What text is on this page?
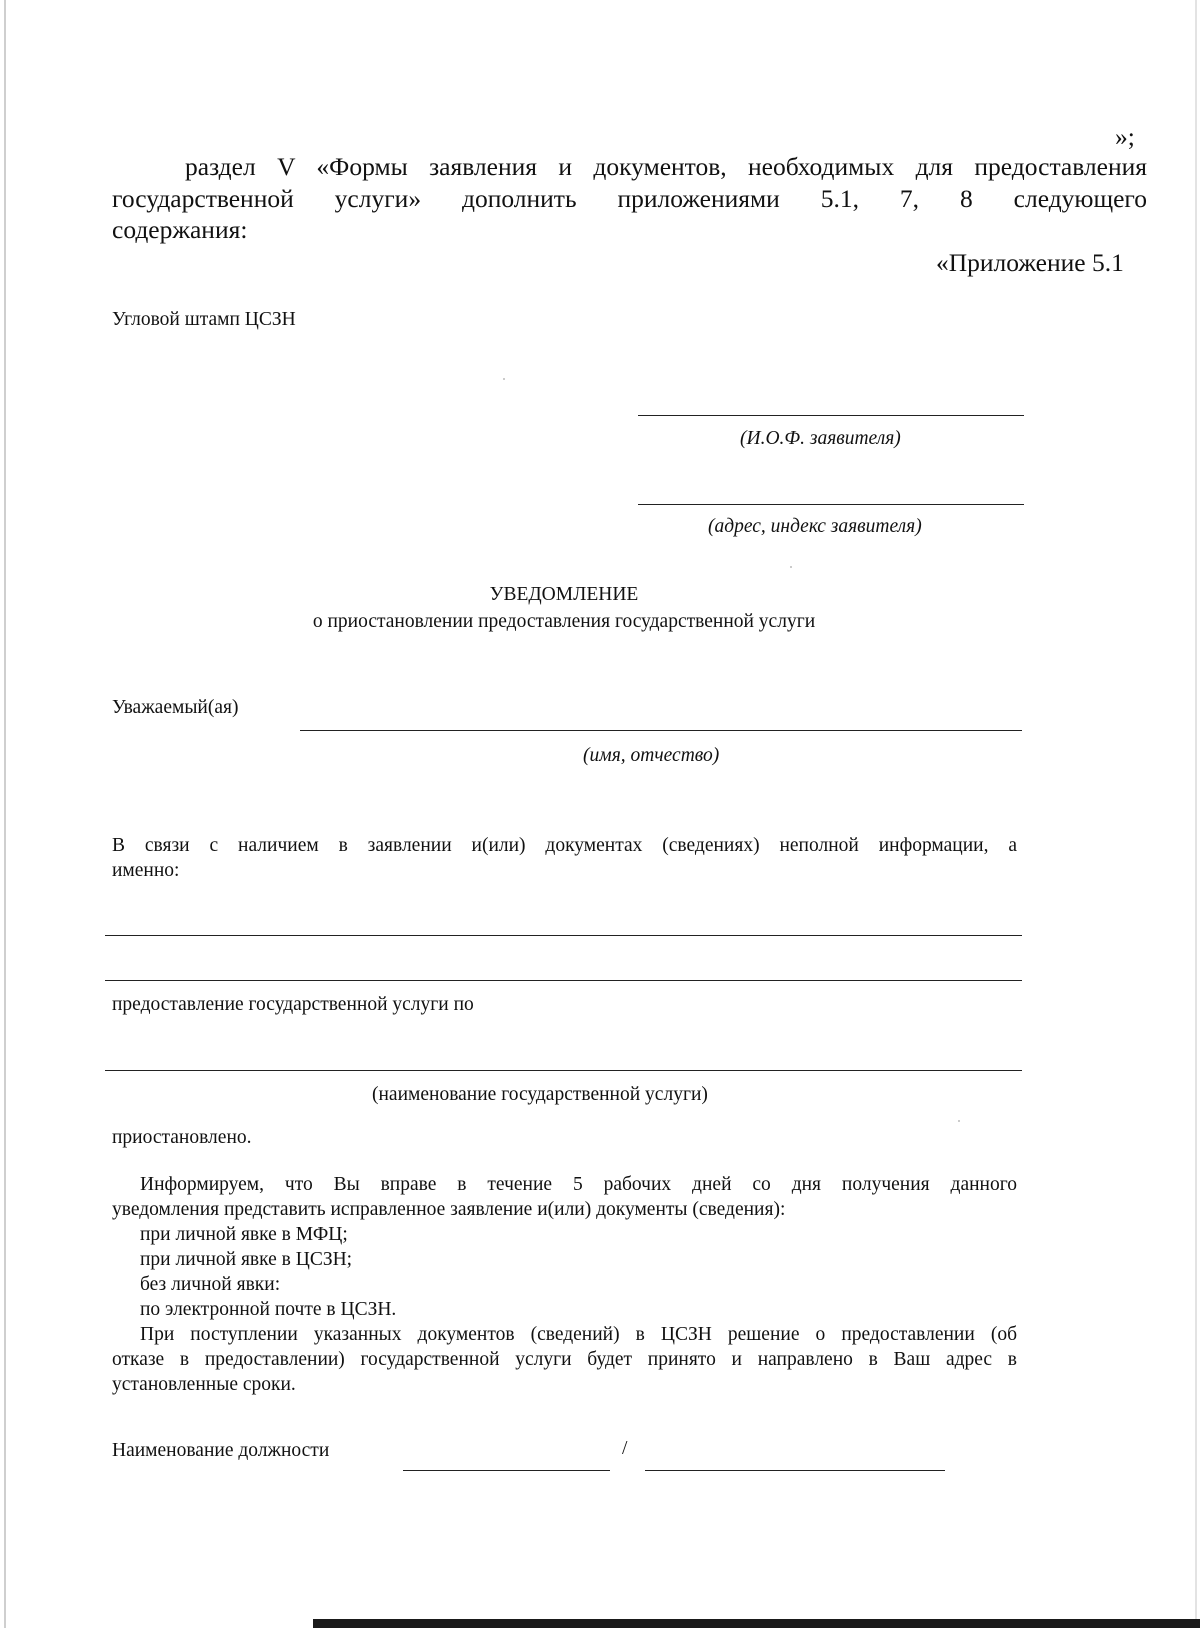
»;
раздел V «Формы заявления и документов, необходимых для предоставления
государственной услуги» дополнить приложениями 5.1, 7, 8 следующего
содержания:
«Приложение 5.1
Угловой штамп ЦСЗН
(И.О.Ф. заявителя)
(адрес, индекс заявителя)
УВЕДОМЛЕНИЕ
о приостановлении предоставления государственной услуги
Уважаемый(ая)
(имя, отчество)
В связи с наличием в заявлении и(или) документах (сведениях) неполной информации, а
именно:
предоставление государственной услуги по
(наименование государственной услуги)
приостановлено.
Информируем, что Вы вправе в течение 5 рабочих дней со дня получения данного
уведомления представить исправленное заявление и(или) документы (сведения):
при личной явке в МФЦ;
при личной явке в ЦСЗН;
без личной явки:
по электронной почте в ЦСЗН.
При поступлении указанных документов (сведений) в ЦСЗН решение о предоставлении (об
отказе в предоставлении) государственной услуги будет принято и направлено в Ваш адрес в
установленные сроки.
Наименование должности	/
